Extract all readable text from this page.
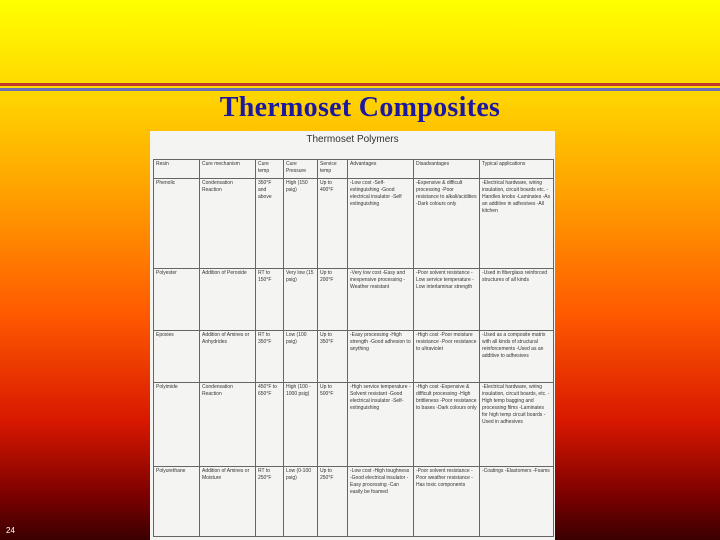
Thermoset Composites
Thermoset Polymers
Resin	Cure mechanism	Cure temp	Cure Pressure	Service temp	Advantages	Disadvantages	Typical applications
Phenolic	Condensation Reaction	350°F and above	High (150 psig)	Up to 400°F	-Low cost -Self-extinguishing -Good electrical insulator -Self extinguishing	-Expensive & difficult processing -Poor resistance to alkali/acidities -Dark colours only	-Electrical hardware, wiring insulation, circuit boards etc. -Handles knobs -Laminates -As an additive in adhesives -All kitchen
Polyester	Addition of Peroxide	RT to 150°F	Very low (15 psig)	Up to 200°F	-Very low cost -Easy and inexpensive processing -Weather resistant	-Poor solvent resistance -Low service temperature -Low interlaminar strength	-Used in fiberglass reinforced structures of all kinds
Epoxies	Addition of Amines or Anhydrides	RT to 350°F	Low (100 psig)	Up to 350°F	-Easy processing -High strength -Good adhesion to anything	-High cost -Poor moisture resistance -Poor resistance to ultraviolet	-Used as a composite matrix with all kinds of structural reinforcements -Used as an additive to adhesives
Polyimide	Condensation Reaction	450°F to 650°F	High (100 - 1000 psig)	Up to 500°F	-High service temperature -Solvent resistant -Good electrical insulator -Self-extinguishing	-High cost -Expensive & difficult processing -High brittleness -Poor resistance to bases -Dark colours only	-Electrical hardware, wiring insulation, circuit boards, etc. -High temp bagging and processing films -Laminates for high temp circuit boards -Used in adhesives
Polyurethane	Addition of Amines or Moisture	RT to 250°F	Low (0-100 psig)	Up to 250°F	-Low cost -High toughness -Good electrical insulator -Easy processing -Can easily be foamed	-Poor solvent resistance -Poor weather resistance -Has toxic components	-Coatings -Elastomers -Foams
24
